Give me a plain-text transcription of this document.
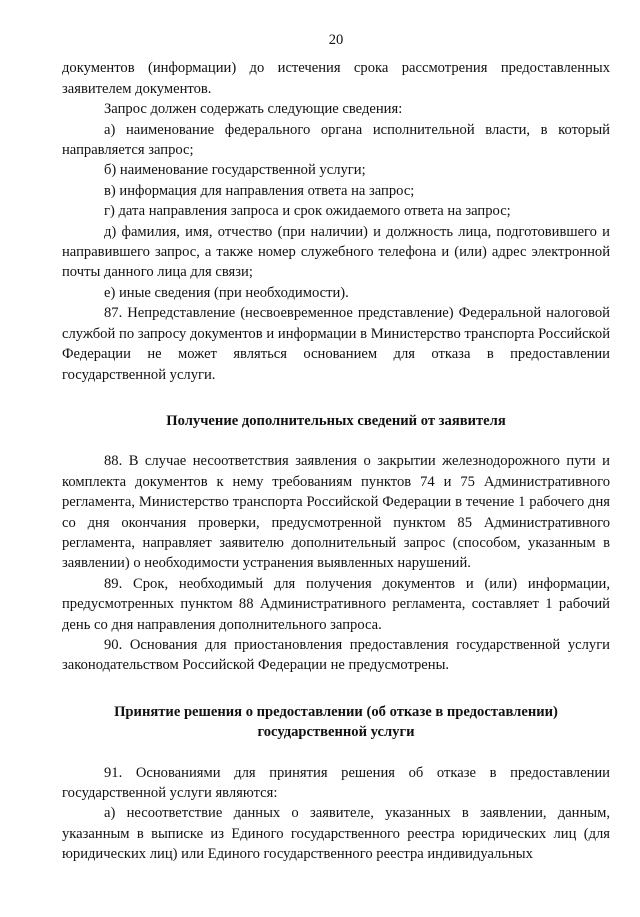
20

документов (информации) до истечения срока рассмотрения предоставленных заявителем документов.

Запрос должен содержать следующие сведения:

а) наименование федерального органа исполнительной власти, в который направляется запрос;

б) наименование государственной услуги;

в) информация для направления ответа на запрос;

г) дата направления запроса и срок ожидаемого ответа на запрос;

д) фамилия, имя, отчество (при наличии) и должность лица, подготовившего и направившего запрос, а также номер служебного телефона и (или) адрес электронной почты данного лица для связи;

е) иные сведения (при необходимости).

87. Непредставление (несвоевременное представление) Федеральной налоговой службой по запросу документов и информации в Министерство транспорта Российской Федерации не может являться основанием для отказа в предоставлении государственной услуги.

Получение дополнительных сведений от заявителя

88. В случае несоответствия заявления о закрытии железнодорожного пути и комплекта документов к нему требованиям пунктов 74 и 75 Административного регламента, Министерство транспорта Российской Федерации в течение 1 рабочего дня со дня окончания проверки, предусмотренной пунктом 85 Административного регламента, направляет заявителю дополнительный запрос (способом, указанным в заявлении) о необходимости устранения выявленных нарушений.

89. Срок, необходимый для получения документов и (или) информации, предусмотренных пунктом 88 Административного регламента, составляет 1 рабочий день со дня направления дополнительного запроса.

90. Основания для приостановления предоставления государственной услуги законодательством Российской Федерации не предусмотрены.

Принятие решения о предоставлении (об отказе в предоставлении)

государственной услуги

91. Основаниями для принятия решения об отказе в предоставлении государственной услуги являются:

а) несоответствие данных о заявителе, указанных в заявлении, данным, указанным в выписке из Единого государственного реестра юридических лиц (для юридических лиц) или Единого государственного реестра индивидуальных
